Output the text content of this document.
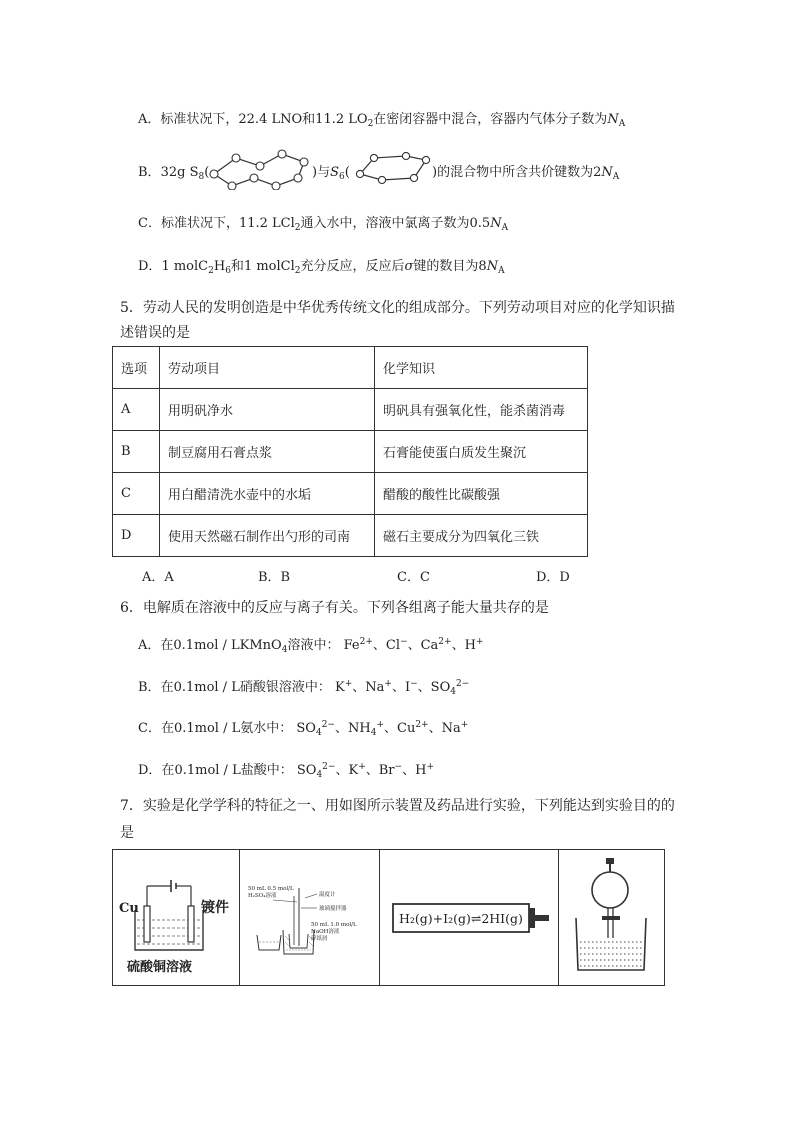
A．标准状况下，22.4 LNO和11.2 $LO_2$在密闭容器中混合，容器内气体分子数为$N_A$
B．32g $S_8$(	)与$S_6$(	)的混合物中所含共价键数为$2N_A$
C．标准状况下，11.2 LCl$_2$通入水中，溶液中氯离子数为$0.5N_A$
D．1 $molC_2H_6$和1 molCl$_2$充分反应，反应后σ键的数目为$8N_A$
5．劳动人民的发明创造是中华优秀传统文化的组成部分。下列劳动项目对应的化学知识描
述错误的是
选项	劳动项目	化学知识
A	用明矾净水	明矾具有强氧化性，能杀菌消毒
B	制豆腐用石膏点浆	石膏能使蛋白质发生聚沉
C	用白醋清洗水壶中的水垢	醋酸的酸性比碳酸强
D	使用天然磁石制作出勺形的司南	磁石主要成分为四氧化三铁
A．A	B．B	C．C	D．D
6．电解质在溶液中的反应与离子有关。下列各组离子能大量共存的是
A．在0.1mol / LKMnO$_4$溶液中： $Fe^{2+}$、Cl−、$Ca^{2+}$、H+
B．在0.1mol / L硝酸银溶液中： K+、Na+、I−、$SO_4^{2-}$
C．在0.1mol / L氨水中： $SO_4^{2-}$、$NH_4^+$、$Cu^{2+}$、Na+
D．在0.1mol / L盐酸中： $SO_4^{2-}$、K+、Br−、H+
7．实验是化学学科的特征之一、用如图所示装置及药品进行实验，下列能达到实验目的的
是
Cu	镀件
硫酸铜溶液
50 mL 0.5 mol/L
H₂SO₄溶液	温度计
玻璃搅拌器
50 mL 1.0 mol/L
NaOH溶液
碎纸屑
H₂(g)+I₂(g)⇌2HI(g)
